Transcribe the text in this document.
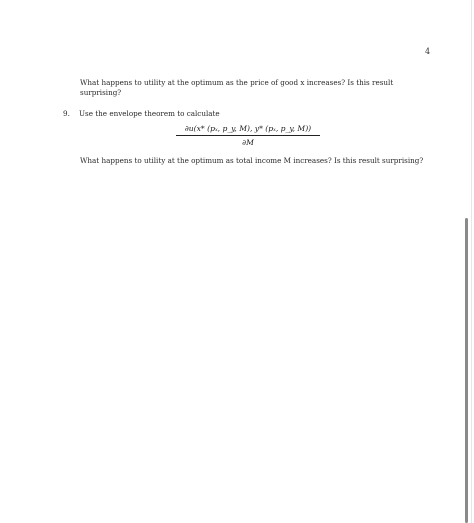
4
What happens to utility at the optimum as the price of good x increases? Is this result surprising?
9. Use the envelope theorem to calculate
∂u(x* (pₓ, p_y, M), y* (pₓ, p_y, M))
∂M
What happens to utility at the optimum as total income M increases? Is this result surprising?
